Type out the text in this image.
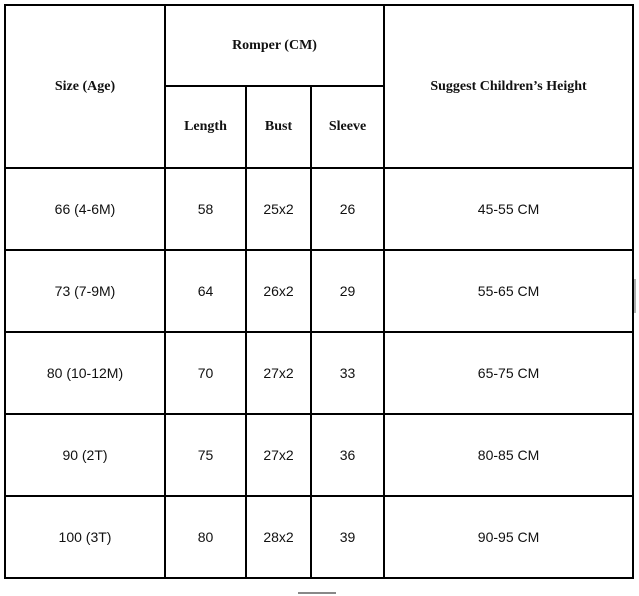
Size (Age)	Romper (CM)			Suggest Children’s Height
	Length	Bust	Sleeve	
66 (4-6M)	58	25x2	26	45-55 CM
73 (7-9M)	64	26x2	29	55-65 CM
80 (10-12M)	70	27x2	33	65-75 CM
90 (2T)	75	27x2	36	80-85 CM
100 (3T)	80	28x2	39	90-95 CM
